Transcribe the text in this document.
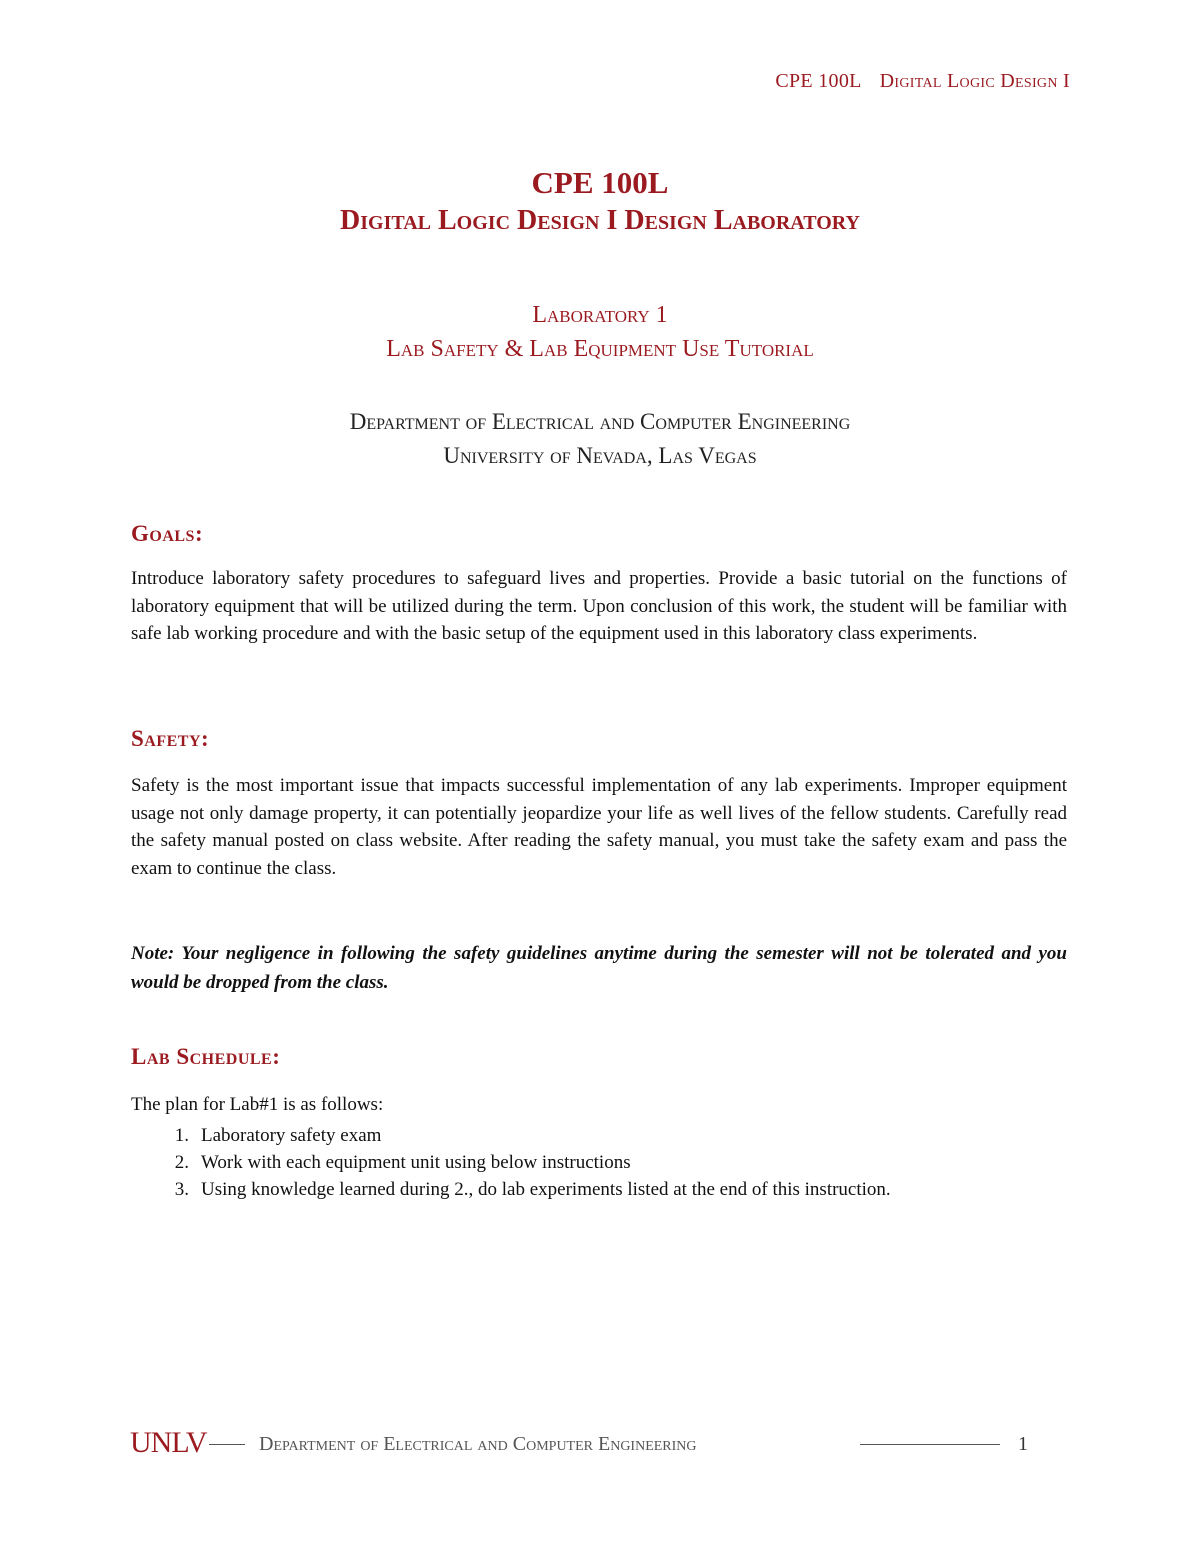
CPE 100L Digital Logic Design I
CPE 100L
Digital Logic Design I Design Laboratory
Laboratory 1
Lab Safety & Lab Equipment Use Tutorial
Department of Electrical and Computer Engineering
University of Nevada, Las Vegas
Goals:
Introduce laboratory safety procedures to safeguard lives and properties. Provide a basic tutorial on the functions of laboratory equipment that will be utilized during the term. Upon conclusion of this work, the student will be familiar with safe lab working procedure and with the basic setup of the equipment used in this laboratory class experiments.
Safety:
Safety is the most important issue that impacts successful implementation of any lab experiments. Improper equipment usage not only damage property, it can potentially jeopardize your life as well lives of the fellow students. Carefully read the safety manual posted on class website. After reading the safety manual, you must take the safety exam and pass the exam to continue the class.
Note: Your negligence in following the safety guidelines anytime during the semester will not be tolerated and you would be dropped from the class.
Lab Schedule:
The plan for Lab#1 is as follows:
1. Laboratory safety exam
2. Work with each equipment unit using below instructions
3. Using knowledge learned during 2., do lab experiments listed at the end of this instruction.
UNLV	Department of Electrical and Computer Engineering	1
